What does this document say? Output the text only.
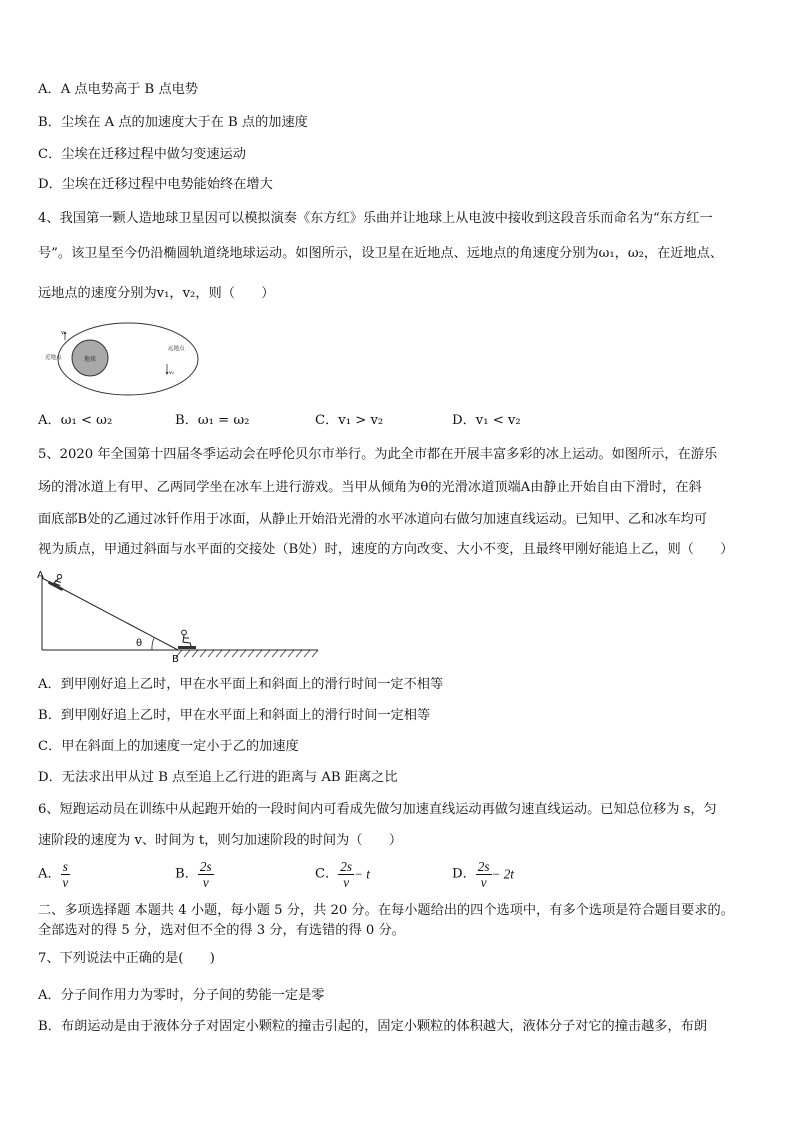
A．A 点电势高于 B 点电势
B．尘埃在 A 点的加速度大于在 B 点的加速度
C．尘埃在迁移过程中做匀变速运动
D．尘埃在迁移过程中电势能始终在增大
4、我国第一颗人造地球卫星因可以模拟演奏《东方红》乐曲并让地球上从电波中接收到这段音乐而命名为“东方红一
号”。该卫星至今仍沿椭圆轨道绕地球运动。如图所示，设卫星在近地点、远地点的角速度分别为ω₁，ω₂，在近地点、
远地点的速度分别为v₁，v₂，则（　　）
地球
近地点
远地点
v₁
v₂
A．ω₁ < ω₂	B．ω₁ = ω₂	C．v₁ > v₂	D．v₁ < v₂
5、2020 年全国第十四届冬季运动会在呼伦贝尔市举行。为此全市都在开展丰富多彩的冰上运动。如图所示，在游乐
场的滑冰道上有甲、乙两同学坐在冰车上进行游戏。当甲从倾角为θ的光滑冰道顶端A由静止开始自由下滑时，在斜
面底部B处的乙通过冰钎作用于冰面，从静止开始沿光滑的水平冰道向右做匀加速直线运动。已知甲、乙和冰车均可
视为质点，甲通过斜面与水平面的交接处（B处）时，速度的方向改变、大小不变，且最终甲刚好能追上乙，则（　　）
θ
A
B
A．到甲刚好追上乙时，甲在水平面上和斜面上的滑行时间一定不相等
B．到甲刚好追上乙时，甲在水平面上和斜面上的滑行时间一定相等
C．甲在斜面上的加速度一定小于乙的加速度
D．无法求出甲从过 B 点至追上乙行进的距离与 AB 距离之比
6、短跑运动员在训练中从起跑开始的一段时间内可看成先做匀加速直线运动再做匀速直线运动。已知总位移为 s，匀
速阶段的速度为 v、时间为 t，则匀加速阶段的时间为（　　）
A． $\frac{s}{v}$	B． $\frac{2s}{v}$	C． $\frac{2s}{v} - t$	D． $\frac{2s}{v} - 2t$
二、多项选择题 本题共 4 小题，每小题 5 分，共 20 分。在每小题给出的四个选项中，有多个选项是符合题目要求的。
全部选对的得 5 分，选对但不全的得 3 分，有选错的得 0 分。
7、下列说法中正确的是(　　)
A．分子间作用力为零时，分子间的势能一定是零
B．布朗运动是由于液体分子对固定小颗粒的撞击引起的，固定小颗粒的体积越大，液体分子对它的撞击越多，布朗
